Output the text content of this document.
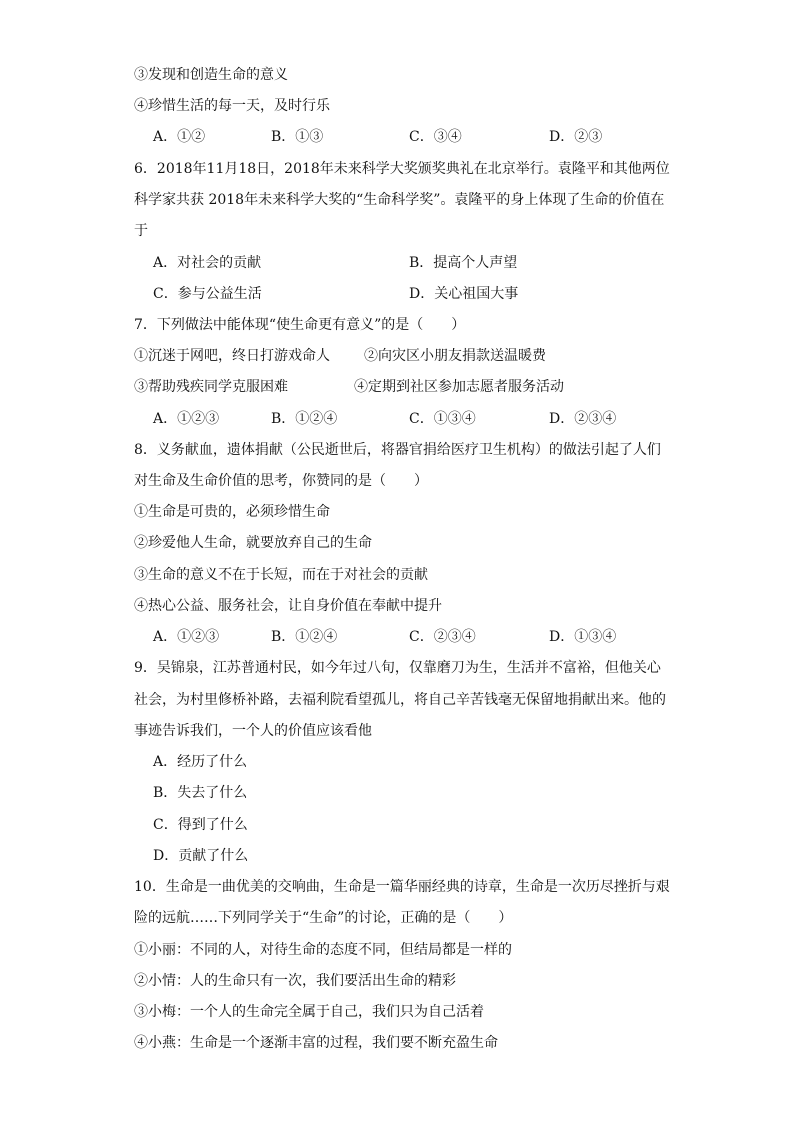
③发现和创造生命的意义
④珍惜生活的每一天，及时行乐
A．①②	B．①③	C．③④	D．②③
6．2018年11月18日，2018年未来科学大奖颁奖典礼在北京举行。袁隆平和其他两位
科学家共获 2018年未来科学大奖的“生命科学奖”。袁隆平的身上体现了生命的价值在
于
A．对社会的贡献	B．提高个人声望
C．参与公益生活	D．关心祖国大事
7．下列做法中能体现“使生命更有意义”的是（　　）
①沉迷于网吧，终日打游戏命人 ②向灾区小朋友捐款送温暖费
③帮助残疾同学克服困难	④定期到社区参加志愿者服务活动
A．①②③	B．①②④	C．①③④	D．②③④
8．义务献血，遗体捐献（公民逝世后，将器官捐给医疗卫生机构）的做法引起了人们
对生命及生命价值的思考，你赞同的是（　　）
①生命是可贵的，必须珍惜生命
②珍爱他人生命，就要放弃自己的生命
③生命的意义不在于长短，而在于对社会的贡献
④热心公益、服务社会，让自身价值在奉献中提升
A．①②③	B．①②④	C．②③④	D．①③④
9．吴锦泉，江苏普通村民，如今年过八旬，仅靠磨刀为生，生活并不富裕，但他关心
社会，为村里修桥补路，去福利院看望孤儿，将自己辛苦钱毫无保留地捐献出来。他的
事迹告诉我们，一个人的价值应该看他
A．经历了什么
B．失去了什么
C．得到了什么
D．贡献了什么
10．生命是一曲优美的交响曲，生命是一篇华丽经典的诗章，生命是一次历尽挫折与艰
险的远航……下列同学关于“生命”的讨论，正确的是（　　）
①小丽：不同的人，对待生命的态度不同，但结局都是一样的
②小情：人的生命只有一次，我们要活出生命的精彩
③小梅：一个人的生命完全属于自己，我们只为自己活着
④小燕：生命是一个逐渐丰富的过程，我们要不断充盈生命
